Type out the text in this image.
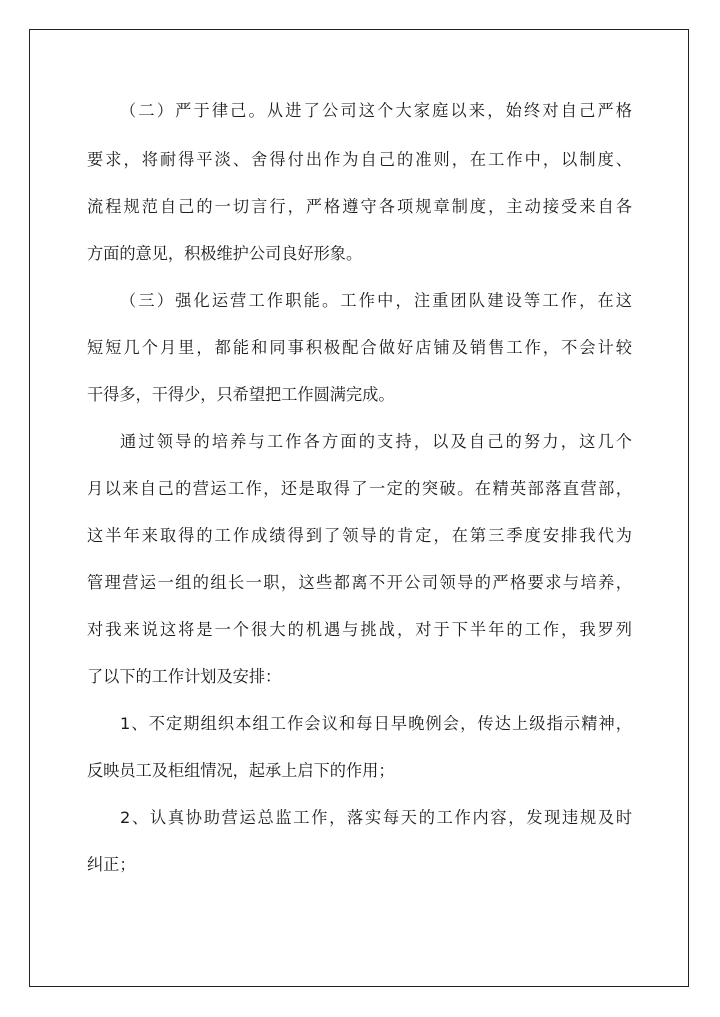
（二）严于律己。从进了公司这个大家庭以来，始终对自己严格
要求，将耐得平淡、舍得付出作为自己的准则，在工作中，以制度、
流程规范自己的一切言行，严格遵守各项规章制度，主动接受来自各
方面的意见，积极维护公司良好形象。
（三）强化运营工作职能。工作中，注重团队建设等工作，在这
短短几个月里，都能和同事积极配合做好店铺及销售工作，不会计较
干得多，干得少，只希望把工作圆满完成。
通过领导的培养与工作各方面的支持，以及自己的努力，这几个
月以来自己的营运工作，还是取得了一定的突破。在精英部落直营部，
这半年来取得的工作成绩得到了领导的肯定，在第三季度安排我代为
管理营运一组的组长一职，这些都离不开公司领导的严格要求与培养，
对我来说这将是一个很大的机遇与挑战，对于下半年的工作，我罗列
了以下的工作计划及安排：
1、不定期组织本组工作会议和每日早晚例会，传达上级指示精神，
反映员工及柜组情况，起承上启下的作用；
2、认真协助营运总监工作，落实每天的工作内容，发现违规及时
纠正；
